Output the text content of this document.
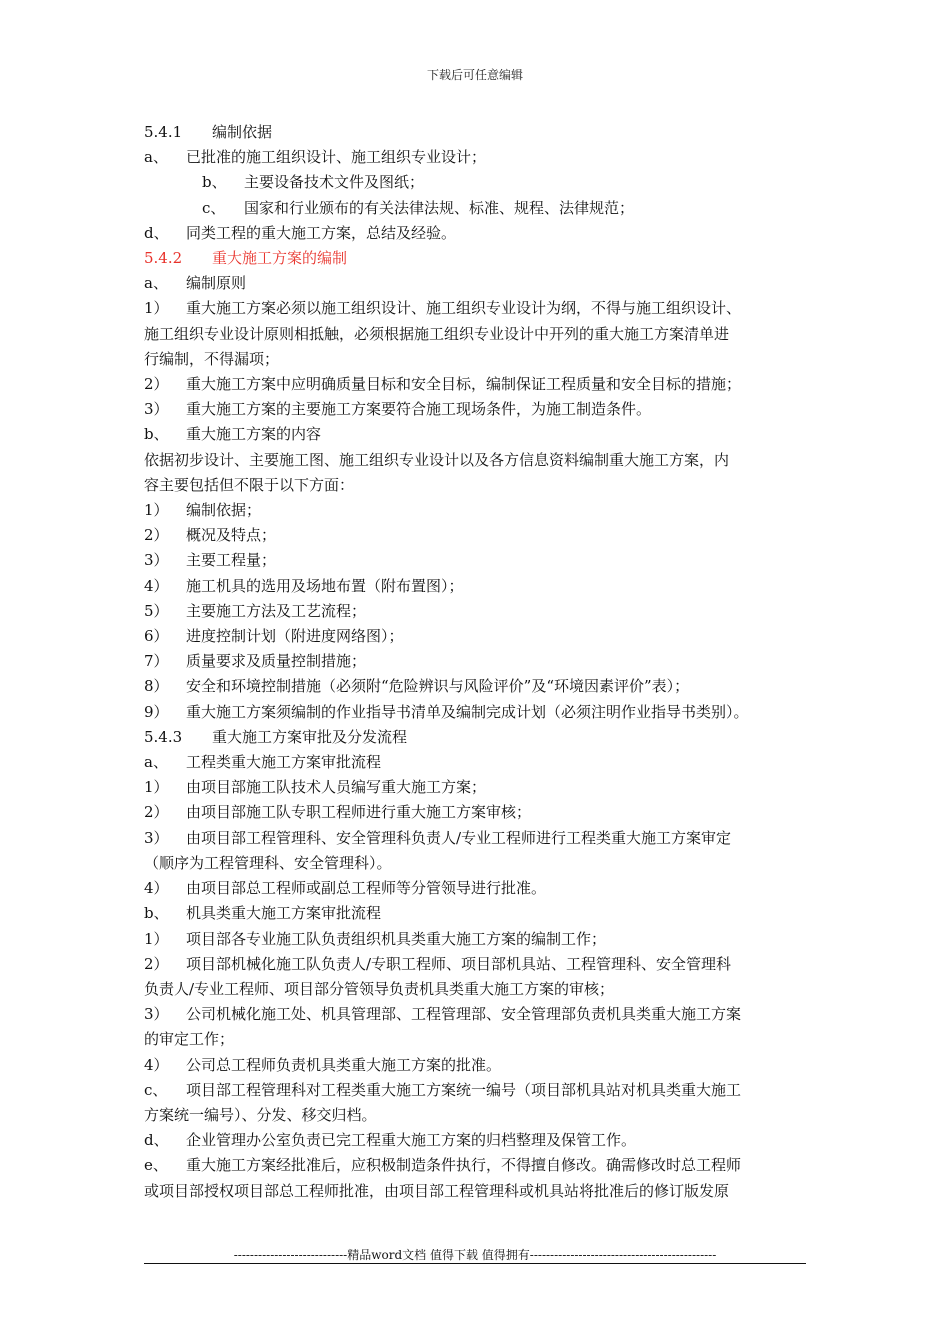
下载后可任意编辑
5.4.1	编制依据
a、	已批准的施工组织设计、施工组织专业设计；
b、	主要设备技术文件及图纸；
c、	国家和行业颁布的有关法律法规、标准、规程、法律规范；
d、	同类工程的重大施工方案，总结及经验。
5.4.2	重大施工方案的编制
a、	编制原则
1）	重大施工方案必须以施工组织设计、施工组织专业设计为纲，不得与施工组织设计、
施工组织专业设计原则相抵触，必须根据施工组织专业设计中开列的重大施工方案清单进
行编制，不得漏项；
2）	重大施工方案中应明确质量目标和安全目标，编制保证工程质量和安全目标的措施；
3）	重大施工方案的主要施工方案要符合施工现场条件，为施工制造条件。
b、	重大施工方案的内容
依据初步设计、主要施工图、施工组织专业设计以及各方信息资料编制重大施工方案，内
容主要包括但不限于以下方面：
1）	编制依据；
2）	概况及特点；
3）	主要工程量；
4）	施工机具的选用及场地布置（附布置图）；
5）	主要施工方法及工艺流程；
6）	进度控制计划（附进度网络图）；
7）	质量要求及质量控制措施；
8）	安全和环境控制措施（必须附“危险辨识与风险评价”及“环境因素评价”表）；
9）	重大施工方案须编制的作业指导书清单及编制完成计划（必须注明作业指导书类别）。
5.4.3	重大施工方案审批及分发流程
a、	工程类重大施工方案审批流程
1）	由项目部施工队技术人员编写重大施工方案；
2）	由项目部施工队专职工程师进行重大施工方案审核；
3）	由项目部工程管理科、安全管理科负责人/专业工程师进行工程类重大施工方案审定
（顺序为工程管理科、安全管理科）。
4）	由项目部总工程师或副总工程师等分管领导进行批准。
b、	机具类重大施工方案审批流程
1）	项目部各专业施工队负责组织机具类重大施工方案的编制工作；
2）	项目部机械化施工队负责人/专职工程师、项目部机具站、工程管理科、安全管理科
负责人/专业工程师、项目部分管领导负责机具类重大施工方案的审核；
3）	公司机械化施工处、机具管理部、工程管理部、安全管理部负责机具类重大施工方案
的审定工作；
4）	公司总工程师负责机具类重大施工方案的批准。
c、	项目部工程管理科对工程类重大施工方案统一编号（项目部机具站对机具类重大施工
方案统一编号）、分发、移交归档。
d、	企业管理办公室负责已完工程重大施工方案的归档整理及保管工作。
e、	重大施工方案经批准后，应积极制造条件执行，不得擅自修改。确需修改时总工程师
或项目部授权项目部总工程师批准，由项目部工程管理科或机具站将批准后的修订版发原
----------------------------精品word文档 值得下载 值得拥有----------------------------------------------
